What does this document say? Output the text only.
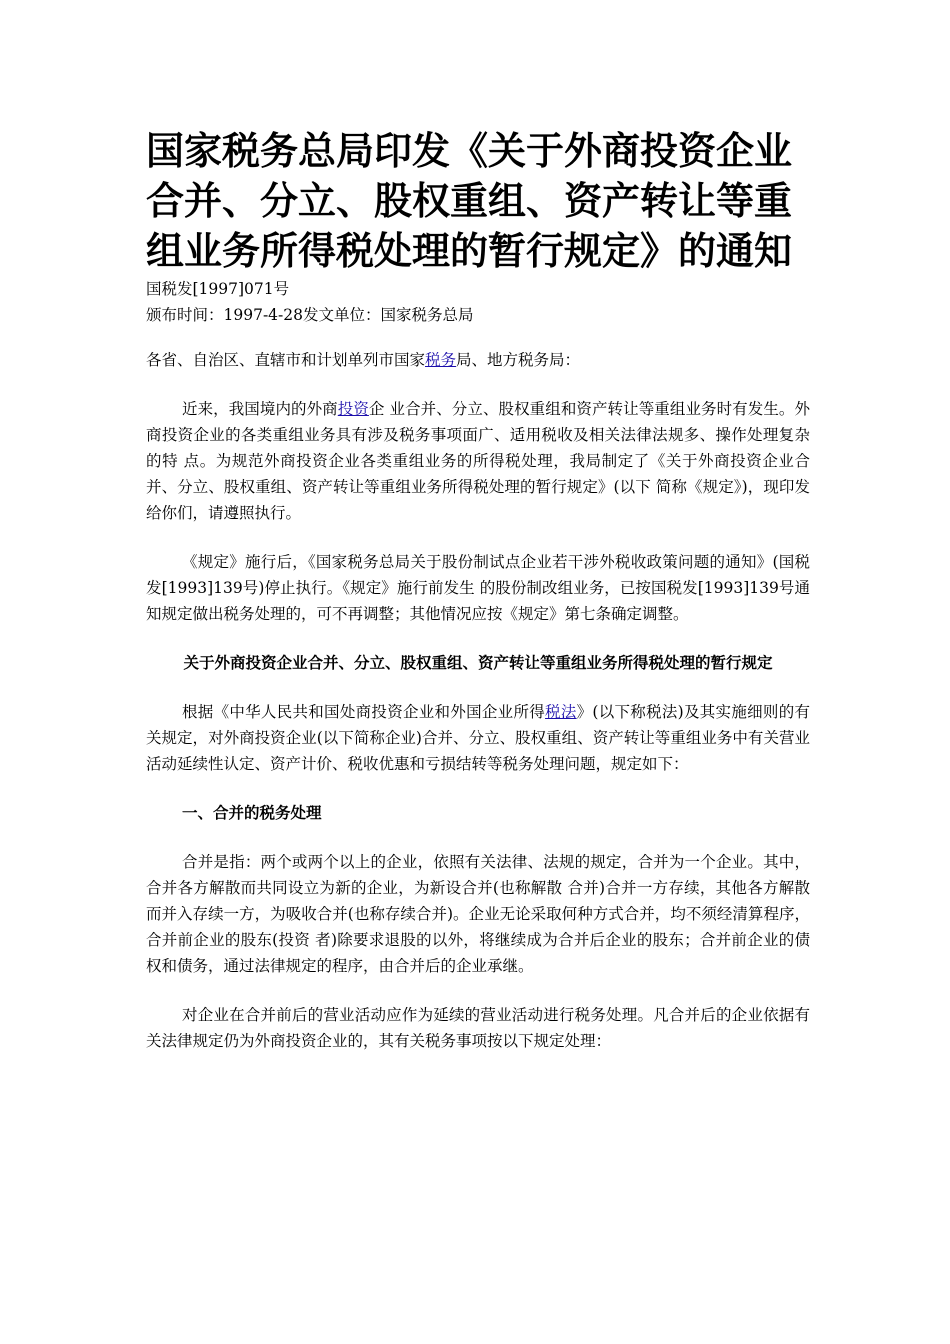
国家税务总局印发《关于外商投资企业合并、分立、股权重组、资产转让等重组业务所得税处理的暂行规定》的通知

国税发[1997]071号

颁布时间：1997-4-28发文单位：国家税务总局

各省、自治区、直辖市和计划单列市国家税务局、地方税务局：

近来，我国境内的外商投资企 业合并、分立、股权重组和资产转让等重组业务时有发生。外商投资企业的各类重组业务具有涉及税务事项面广、适用税收及相关法律法规多、操作处理复杂的特 点。为规范外商投资企业各类重组业务的所得税处理，我局制定了《关于外商投资企业合并、分立、股权重组、资产转让等重组业务所得税处理的暂行规定》(以下 简称《规定》)，现印发给你们，请遵照执行。

《规定》施行后，《国家税务总局关于股份制试点企业若干涉外税收政策问题的通知》(国税发[1993]139号)停止执行。《规定》施行前发生 的股份制改组业务，已按国税发[1993]139号通知规定做出税务处理的，可不再调整；其他情况应按《规定》第七条确定调整。

关于外商投资企业合并、分立、股权重组、资产转让等重组业务所得税处理的暂行规定

根据《中华人民共和国处商投资企业和外国企业所得税法》(以下称税法)及其实施细则的有关规定，对外商投资企业(以下简称企业)合并、分立、股权重组、资产转让等重组业务中有关营业活动延续性认定、资产计价、税收优惠和亏损结转等税务处理问题，规定如下：

一、合并的税务处理

合并是指：两个或两个以上的企业，依照有关法律、法规的规定，合并为一个企业。其中，合并各方解散而共同设立为新的企业，为新设合并(也称解散 合并)合并一方存续，其他各方解散而并入存续一方，为吸收合并(也称存续合并)。企业无论采取何种方式合并，均不须经清算程序，合并前企业的股东(投资 者)除要求退股的以外，将继续成为合并后企业的股东；合并前企业的债权和债务，通过法律规定的程序，由合并后的企业承继。

对企业在合并前后的营业活动应作为延续的营业活动进行税务处理。凡合并后的企业依据有关法律规定仍为外商投资企业的，其有关税务事项按以下规定处理：
